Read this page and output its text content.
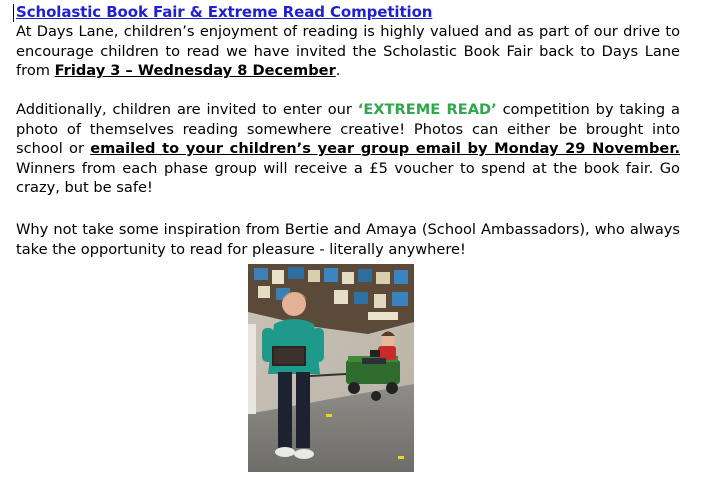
Scholastic Book Fair & Extreme Read Competition

At Days Lane, children’s enjoyment of reading is highly valued and as part of our drive to encourage children to read we have invited the Scholastic Book Fair back to Days Lane from Friday 3 – Wednesday 8 December.

Additionally, children are invited to enter our ‘EXTREME READ’ competition by taking a photo of themselves reading somewhere creative! Photos can either be brought into school or emailed to your children’s year group email by Monday 29 November. Winners from each phase group will receive a £5 voucher to spend at the book fair. Go crazy, but be safe!

Why not take some inspiration from Bertie and Amaya (School Ambassadors), who always take the opportunity to read for pleasure - literally anywhere!
